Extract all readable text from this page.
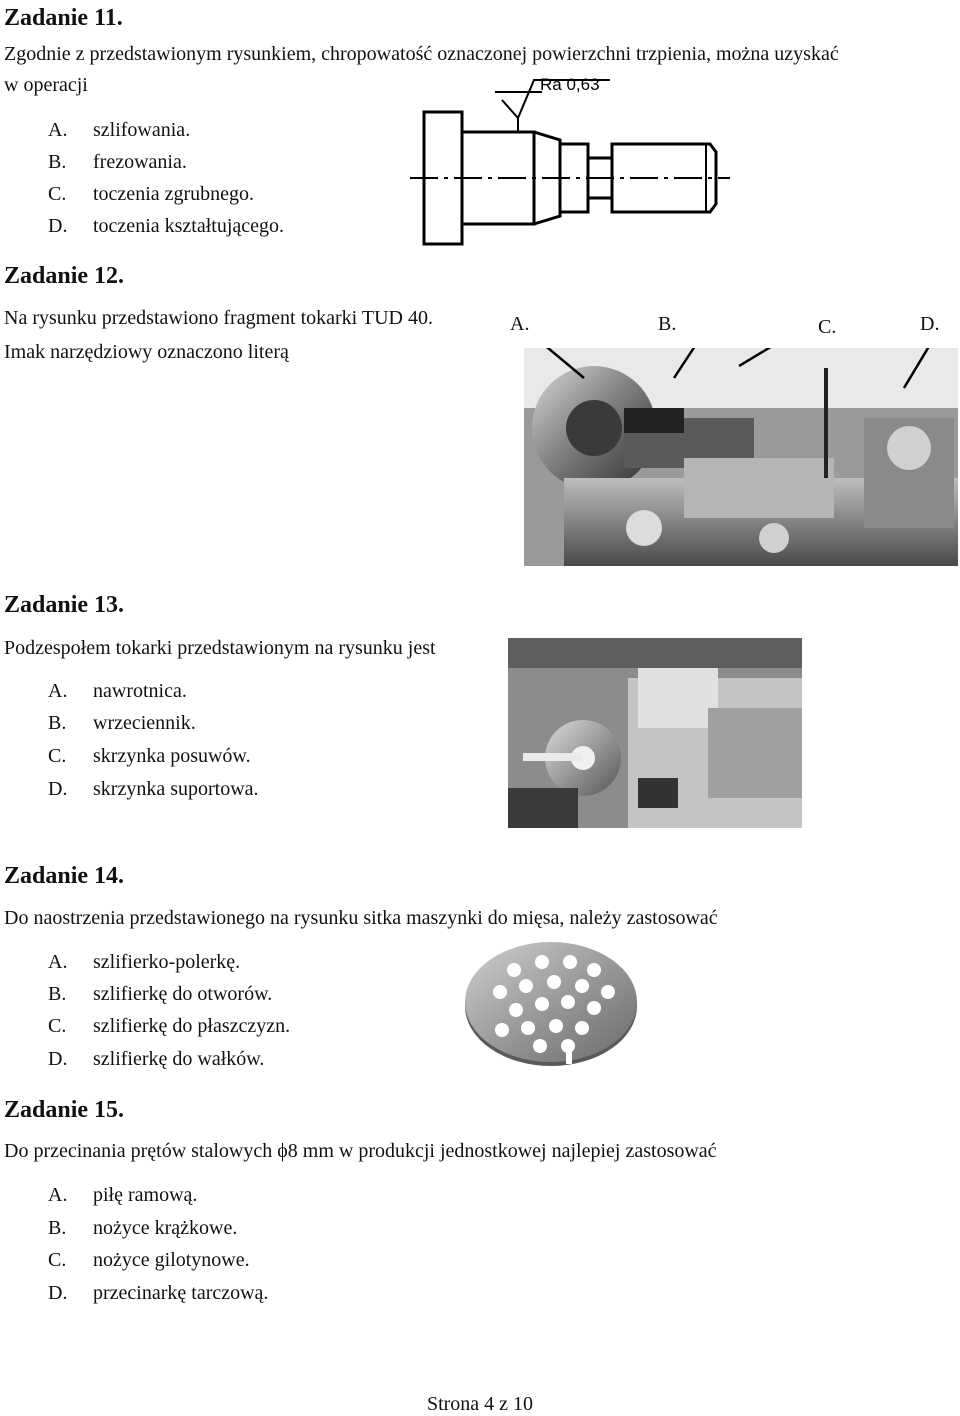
Zadanie 11.
Zgodnie z przedstawionym rysunkiem, chropowatość oznaczonej powierzchni trzpienia, można uzyskać
w operacji
A. szlifowania.
B. frezowania.
C. toczenia zgrubnego.
D. toczenia kształtującego.
Ra 0,63
Zadanie 12.
Na rysunku przedstawiono fragment tokarki TUD 40.
Imak narzędziowy oznaczono literą
A.	B.	C.	D.
Zadanie 13.
Podzespołem tokarki przedstawionym na rysunku jest
A. nawrotnica.
B. wrzeciennik.
C. skrzynka posuwów.
D. skrzynka suportowa.
Zadanie 14.
Do naostrzenia przedstawionego na rysunku sitka maszynki do mięsa, należy zastosować
A. szlifierko-polerkę.
B. szlifierkę do otworów.
C. szlifierkę do płaszczyzn.
D. szlifierkę do wałków.
Zadanie 15.
Do przecinania prętów stalowych ϕ8 mm w produkcji jednostkowej najlepiej zastosować
A. piłę ramową.
B. nożyce krążkowe.
C. nożyce gilotynowe.
D. przecinarkę tarczową.
Strona 4 z 10
